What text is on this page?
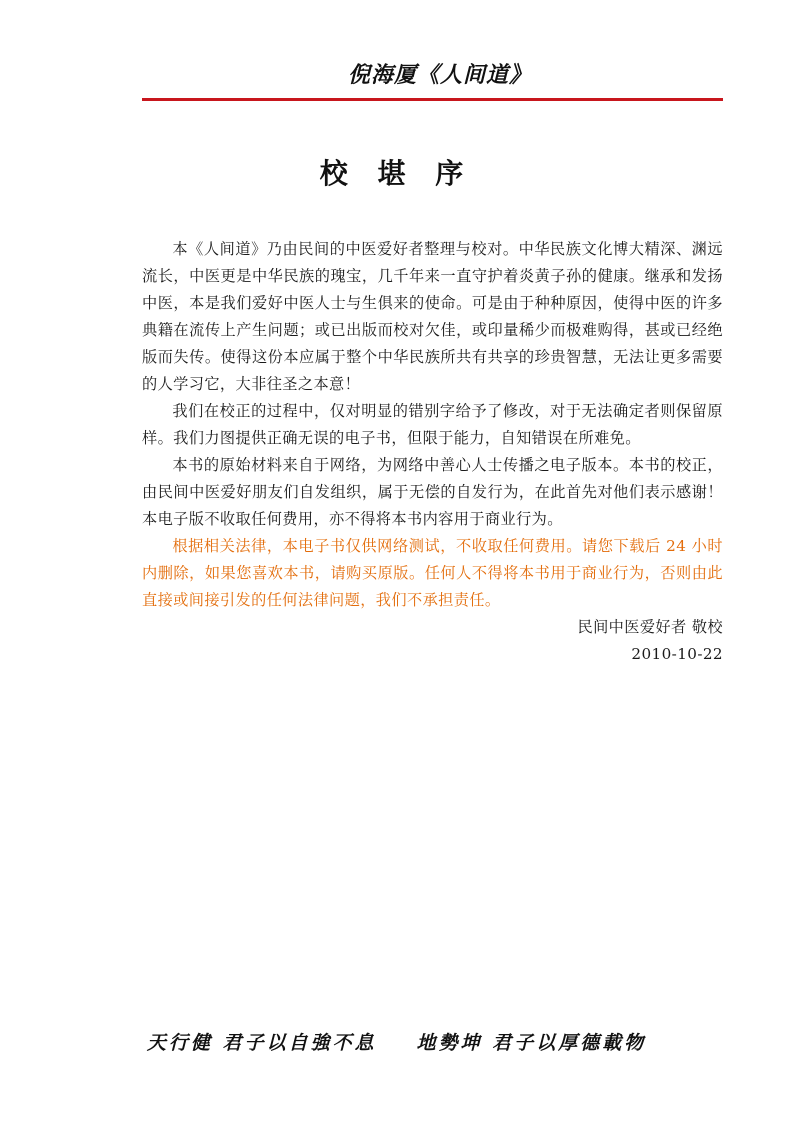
倪海厦《人间道》
校 堪 序

本《人间道》乃由民间的中医爱好者整理与校对。中华民族文化博大精深、渊远流长，中医更是中华民族的瑰宝，几千年来一直守护着炎黄子孙的健康。继承和发扬中医，本是我们爱好中医人士与生俱来的使命。可是由于种种原因，使得中医的许多典籍在流传上产生问题；或已出版而校对欠佳，或印量稀少而极难购得，甚或已经绝版而失传。使得这份本应属于整个中华民族所共有共享的珍贵智慧，无法让更多需要的人学习它，大非往圣之本意！

我们在校正的过程中，仅对明显的错别字给予了修改，对于无法确定者则保留原样。我们力图提供正确无误的电子书，但限于能力，自知错误在所难免。

本书的原始材料来自于网络，为网络中善心人士传播之电子版本。本书的校正，由民间中医爱好朋友们自发组织，属于无偿的自发行为，在此首先对他们表示感谢！本电子版不收取任何费用，亦不得将本书内容用于商业行为。

根据相关法律，本电子书仅供网络测试，不收取任何费用。请您下载后 24 小时内删除，如果您喜欢本书，请购买原版。任何人不得将本书用于商业行为，否则由此直接或间接引发的任何法律问题，我们不承担责任。

民间中医爱好者 敬校

2010-10-22

天行健 君子以自強不息 地勢坤 君子以厚德載物
